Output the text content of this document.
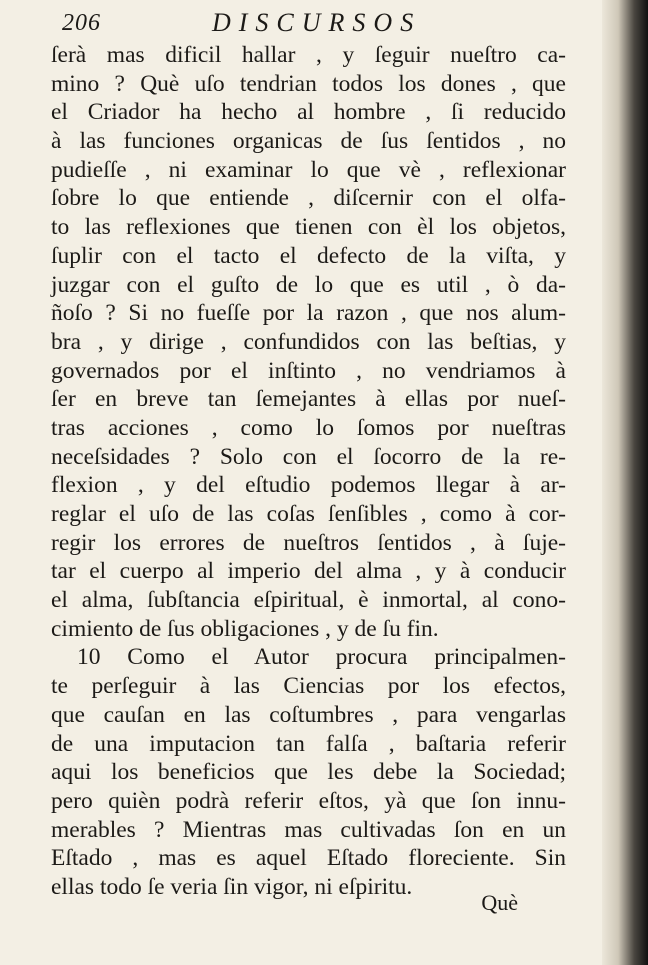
206	DISCURSOS
ſerà mas dificil hallar , y ſeguir nueſtro ca-
mino ? Què uſo tendrian todos los dones , que
el Criador ha hecho al hombre , ſi reducido
à las funciones organicas de ſus ſentidos , no
pudieſſe , ni examinar lo que vè , reflexionar
ſobre lo que entiende , diſcernir con el olfa-
to las reflexiones que tienen con èl los objetos,
ſuplir con el tacto el defecto de la viſta, y
juzgar con el guſto de lo que es util , ò da-
ñoſo ? Si no fueſſe por la razon , que nos alum-
bra , y dirige , confundidos con las beſtias, y
governados por el inſtinto , no vendriamos à
ſer en breve tan ſemejantes à ellas por nueſ-
tras acciones , como lo ſomos por nueſtras
neceſsidades ? Solo con el ſocorro de la re-
flexion , y del eſtudio podemos llegar à ar-
reglar el uſo de las coſas ſenſibles , como à cor-
regir los errores de nueſtros ſentidos , à ſuje-
tar el cuerpo al imperio del alma , y à conducir
el alma, ſubſtancia eſpiritual, è inmortal, al cono-
cimiento de ſus obligaciones , y de ſu fin.
10 Como el Autor procura principalmen-
te perſeguir à las Ciencias por los efectos,
que cauſan en las coſtumbres , para vengarlas
de una imputacion tan falſa , baſtaria referir
aqui los beneficios que les debe la Sociedad;
pero quièn podrà referir eſtos, yà que ſon innu-
merables ? Mientras mas cultivadas ſon en un
Eſtado , mas es aquel Eſtado floreciente. Sin
ellas todo ſe veria ſin vigor, ni eſpiritu.
Què
